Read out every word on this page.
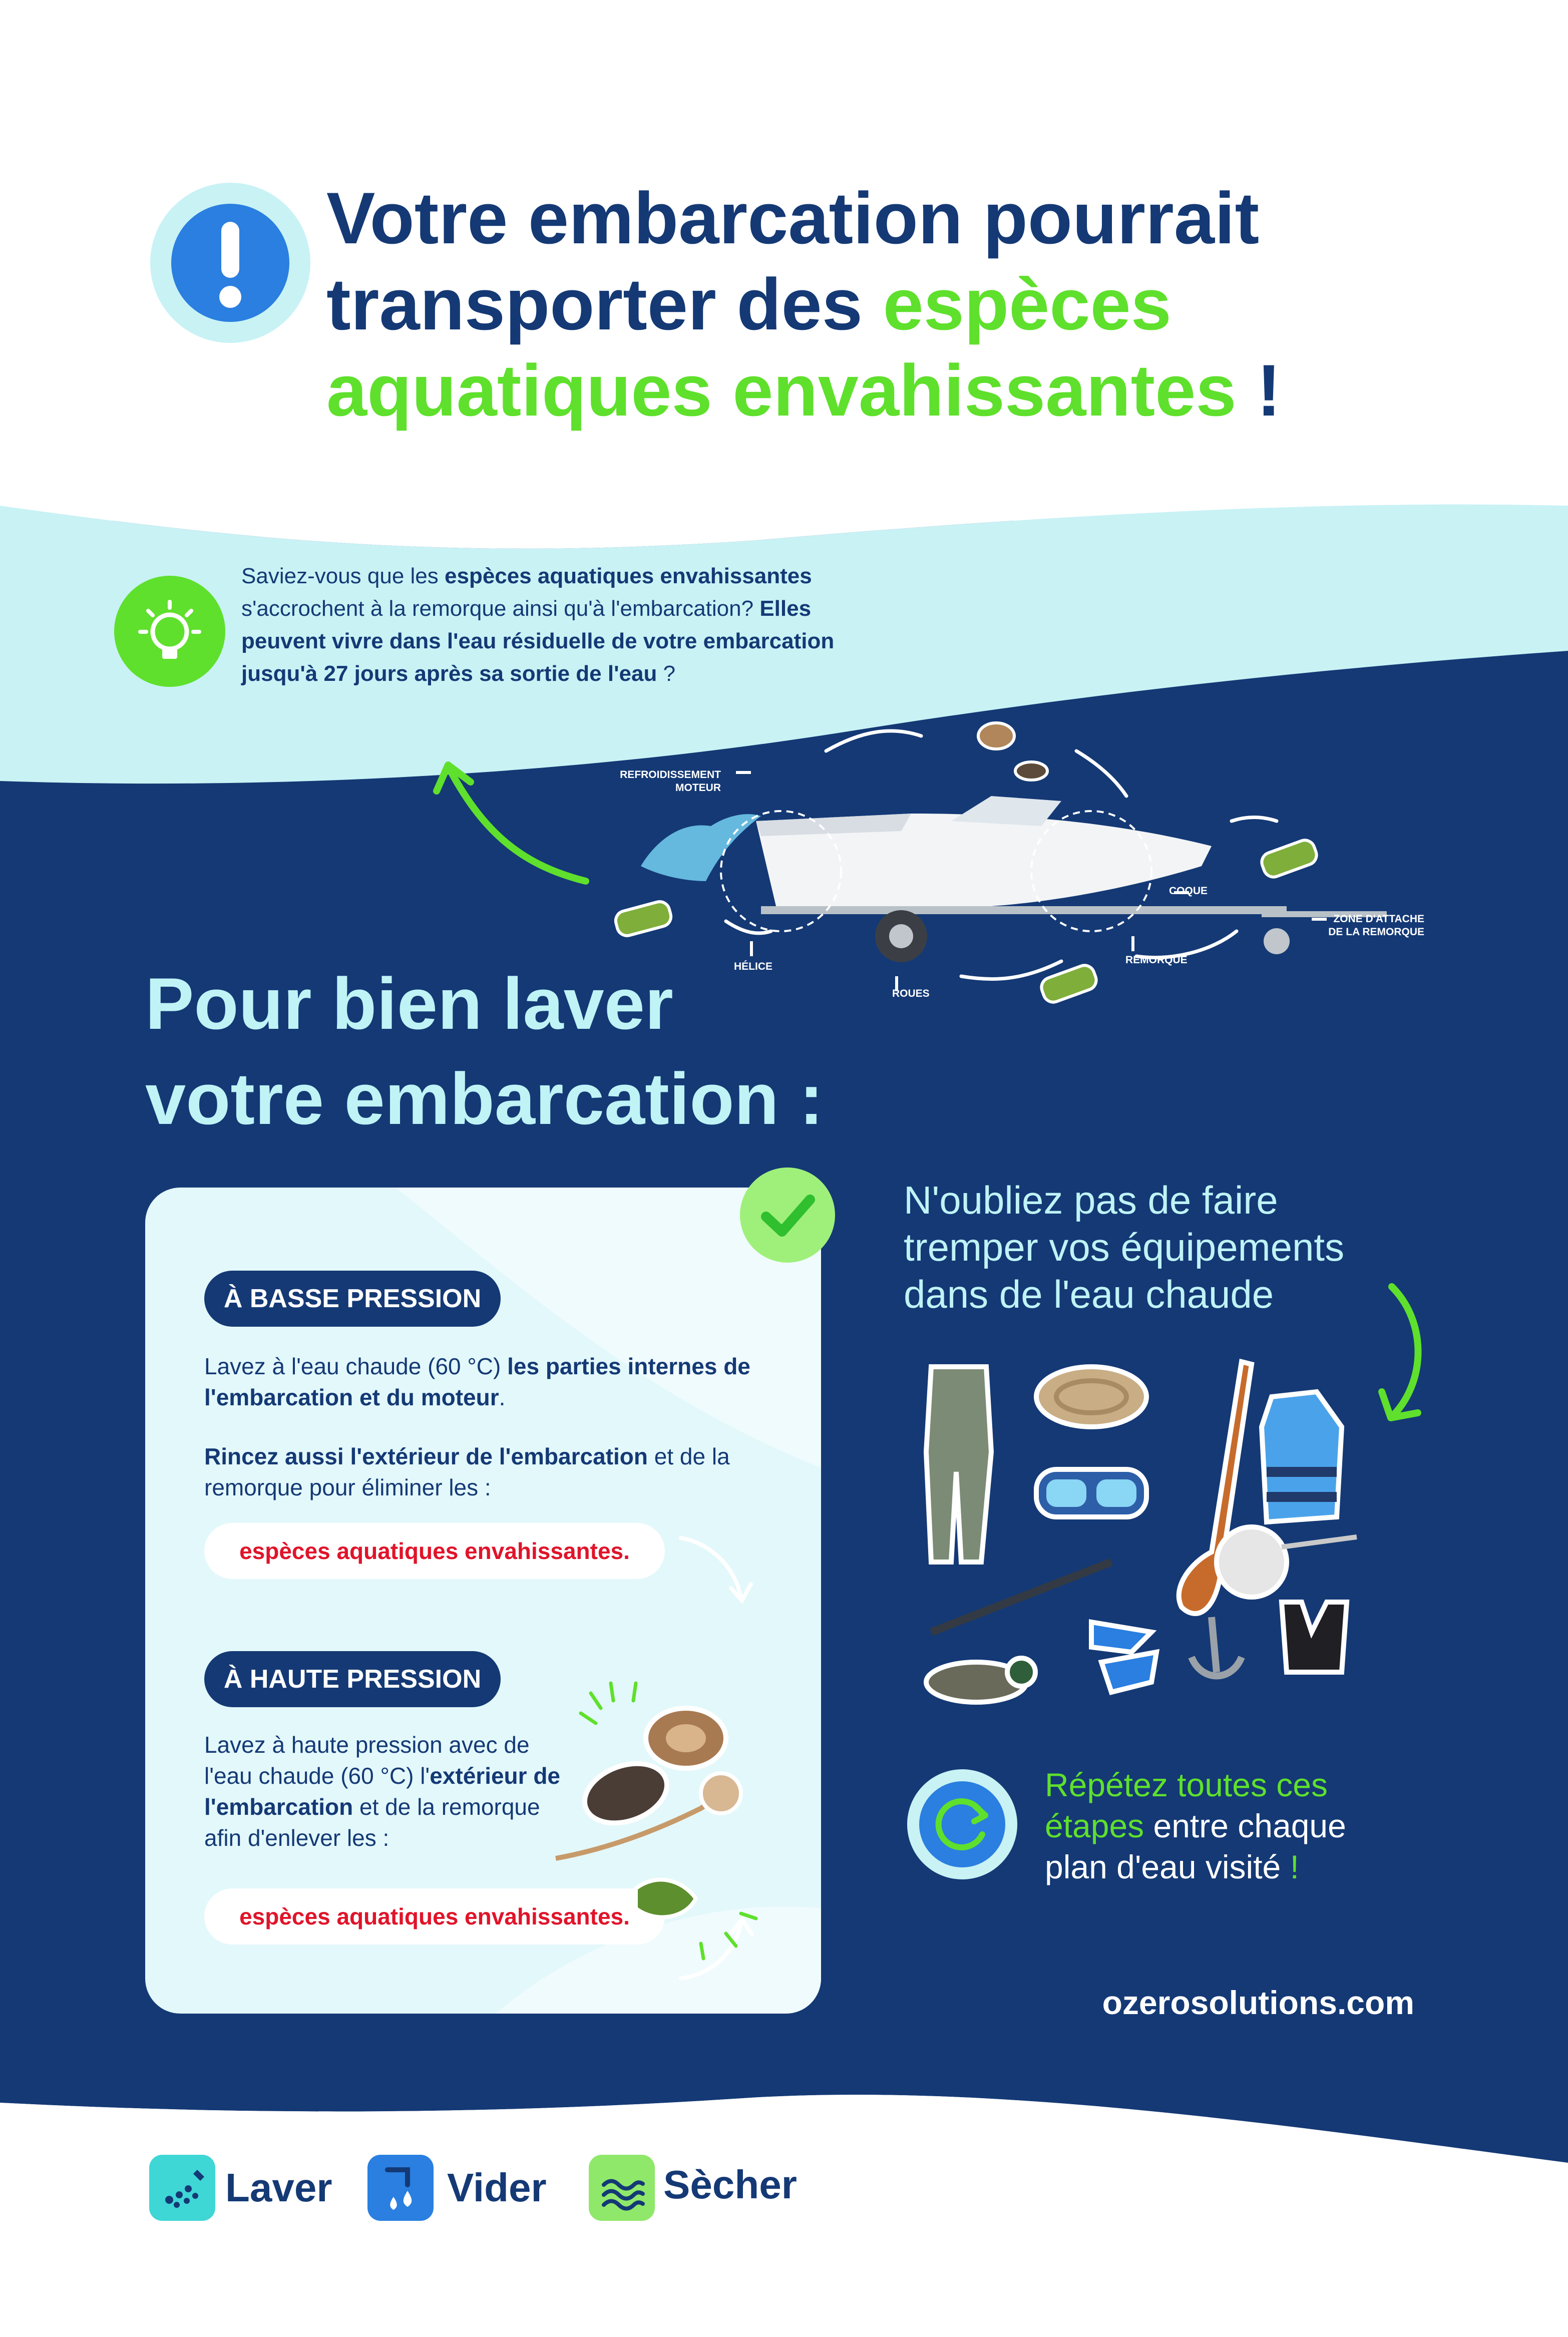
Votre embarcation pourrait
transporter des espèces
aquatiques envahissantes !
Saviez-vous que les espèces aquatiques envahissantes s'accrochent à la remorque ainsi qu'à l'embarcation? Elles peuvent vivre dans l'eau résiduelle de votre embarcation jusqu'à 27 jours après sa sortie de l'eau ?
REFROIDISSEMENT
MOTEUR
COQUE
ZONE D'ATTACHE
DE LA REMORQUE
REMORQUE
HÉLICE
ROUES
Pour bien laver
votre embarcation :
À BASSE PRESSION
Lavez à l'eau chaude (60 °C) les parties internes de l'embarcation et du moteur.
Rincez aussi l'extérieur de l'embarcation et de la remorque pour éliminer les :
espèces aquatiques envahissantes.
À HAUTE PRESSION
Lavez à haute pression avec de l'eau chaude (60 °C) l'extérieur de l'embarcation et de la remorque afin d'enlever les :
espèces aquatiques envahissantes.
N'oubliez pas de faire
tremper vos équipements
dans de l'eau chaude
Répétez toutes ces
étapes entre chaque
plan d'eau visité !
ozerosolutions.com
Laver	Vider	Sècher
